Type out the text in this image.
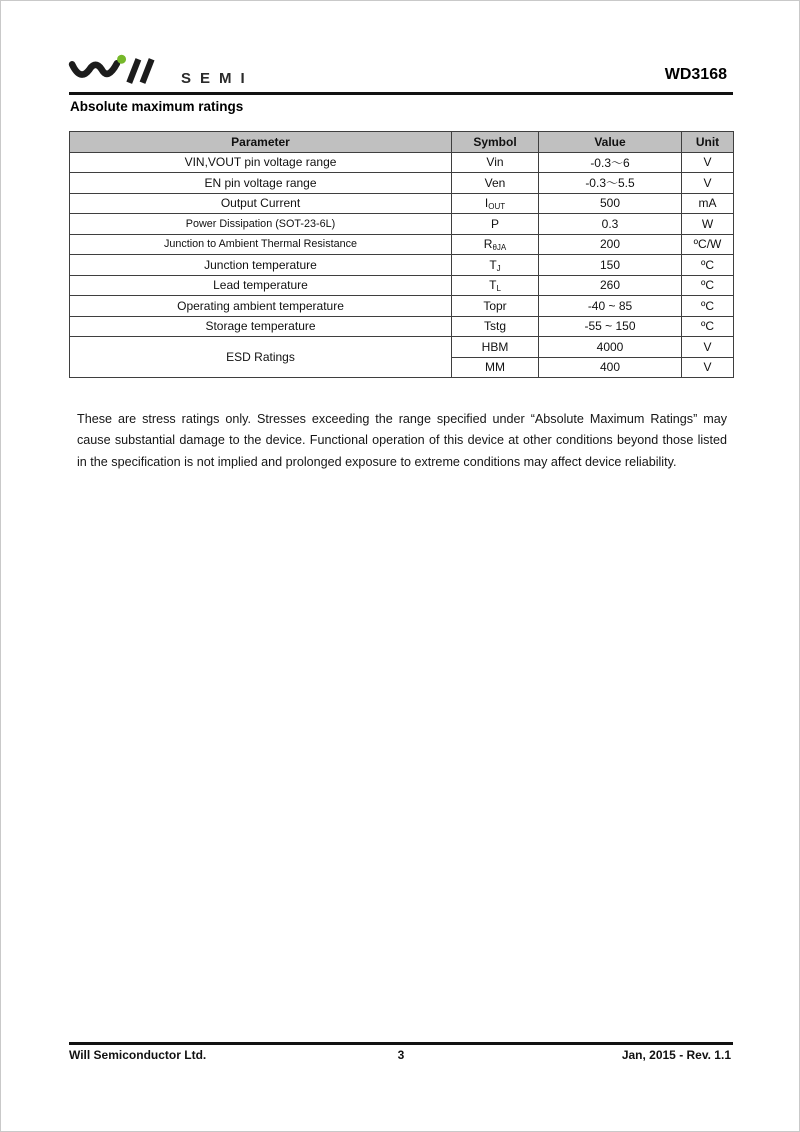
SEMI	WD3168
Absolute maximum ratings
Parameter	Symbol	Value	Unit
VIN,VOUT pin voltage range	Vin	-0.3～6	V
EN pin voltage range	Ven	-0.3～5.5	V
Output Current	$I_{OUT}$	500	mA
Power Dissipation (SOT-23-6L)	P	0.3	W
Junction to Ambient Thermal Resistance	$R_{\theta JA}$	200	ºC/W
Junction temperature	$T_J$	150	ºC
Lead temperature	$T_L$	260	ºC
Operating ambient temperature	Topr	-40 ~ 85	ºC
Storage temperature	Tstg	-55 ~ 150	ºC
ESD Ratings	HBM	4000	V
	MM	400	V

These are stress ratings only. Stresses exceeding the range specified under “Absolute Maximum Ratings” may cause substantial damage to the device. Functional operation of this device at other conditions beyond those listed in the specification is not implied and prolonged exposure to extreme conditions may affect device reliability.

3
Will Semiconductor Ltd.	Jan, 2015 - Rev. 1.1
